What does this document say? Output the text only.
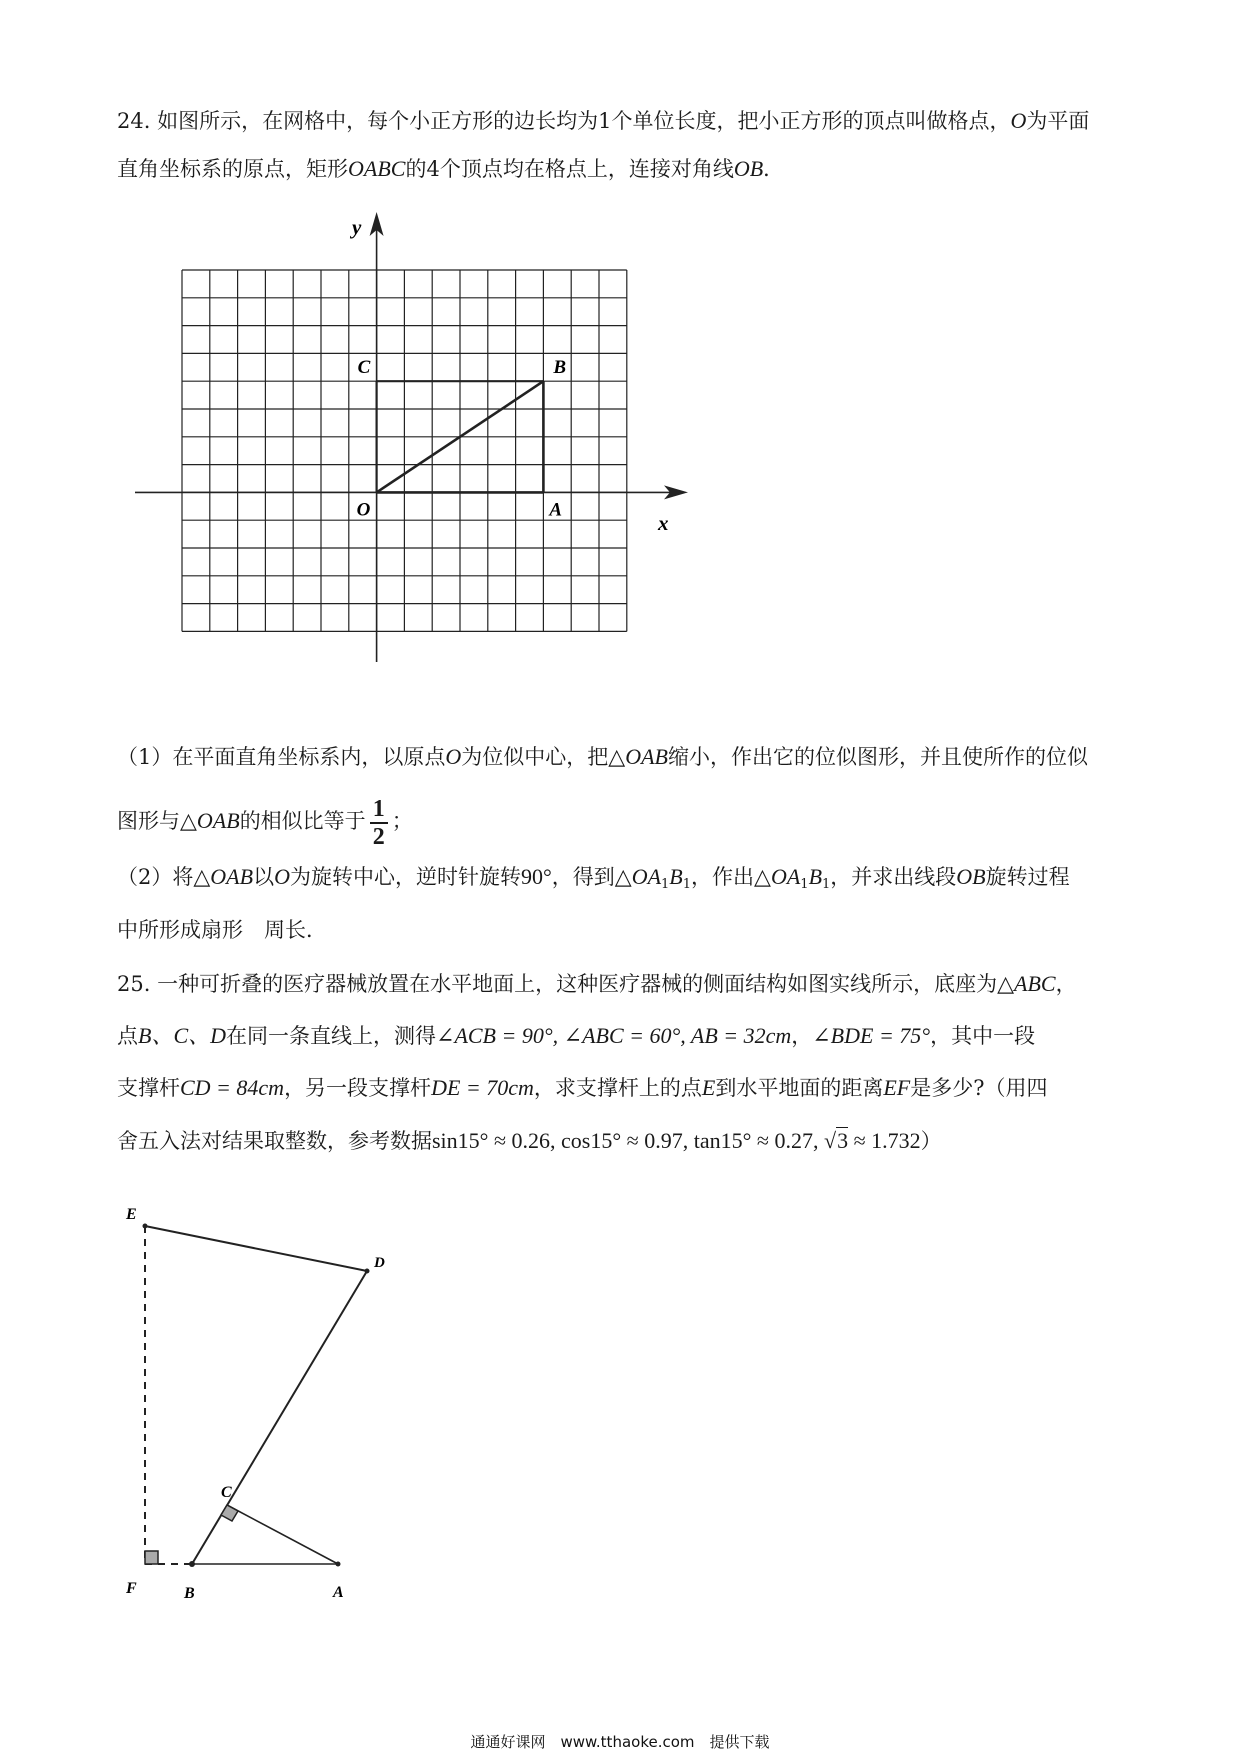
24. 如图所示，在网格中，每个小正方形的边长均为1个单位长度，把小正方形的顶点叫做格点，O为平面
直角坐标系的原点，矩形OABC的4个顶点均在格点上，连接对角线OB．
y
x
O	A
B
C
E
D
C
F	B	A
（1）在平面直角坐标系内，以原点O为位似中心，把△OAB缩小，作出它的位似图形，并且使所作的位似
图形与△OAB的相似比等于 $\frac{1}{2}$ ；
（2）将△OAB以O为旋转中心，逆时针旋转90°，得到$\triangle OA_1B_1$，作出$\triangle OA_1B_1$，并求出线段OB旋转过程
中所形成扇形　周长．
25. 一种可折叠的医疗器械放置在水平地面上，这种医疗器械的侧面结构如图实线所示，底座为△ABC，
点B、C、D在同一条直线上，测得∠ACB = 90°, ∠ABC = 60°, AB = 32cm，∠BDE = 75°，其中一段
支撑杆CD = 84cm，另一段支撑杆DE = 70cm，求支撑杆上的点E到水平地面的距离EF是多少?（用四
舍五入法对结果取整数，参考数据sin15° ≈ 0.26, cos15° ≈ 0.97, tan15° ≈ 0.27, √3 ≈ 1.732）
通通好课网　www.tthaoke.com　提供下载
